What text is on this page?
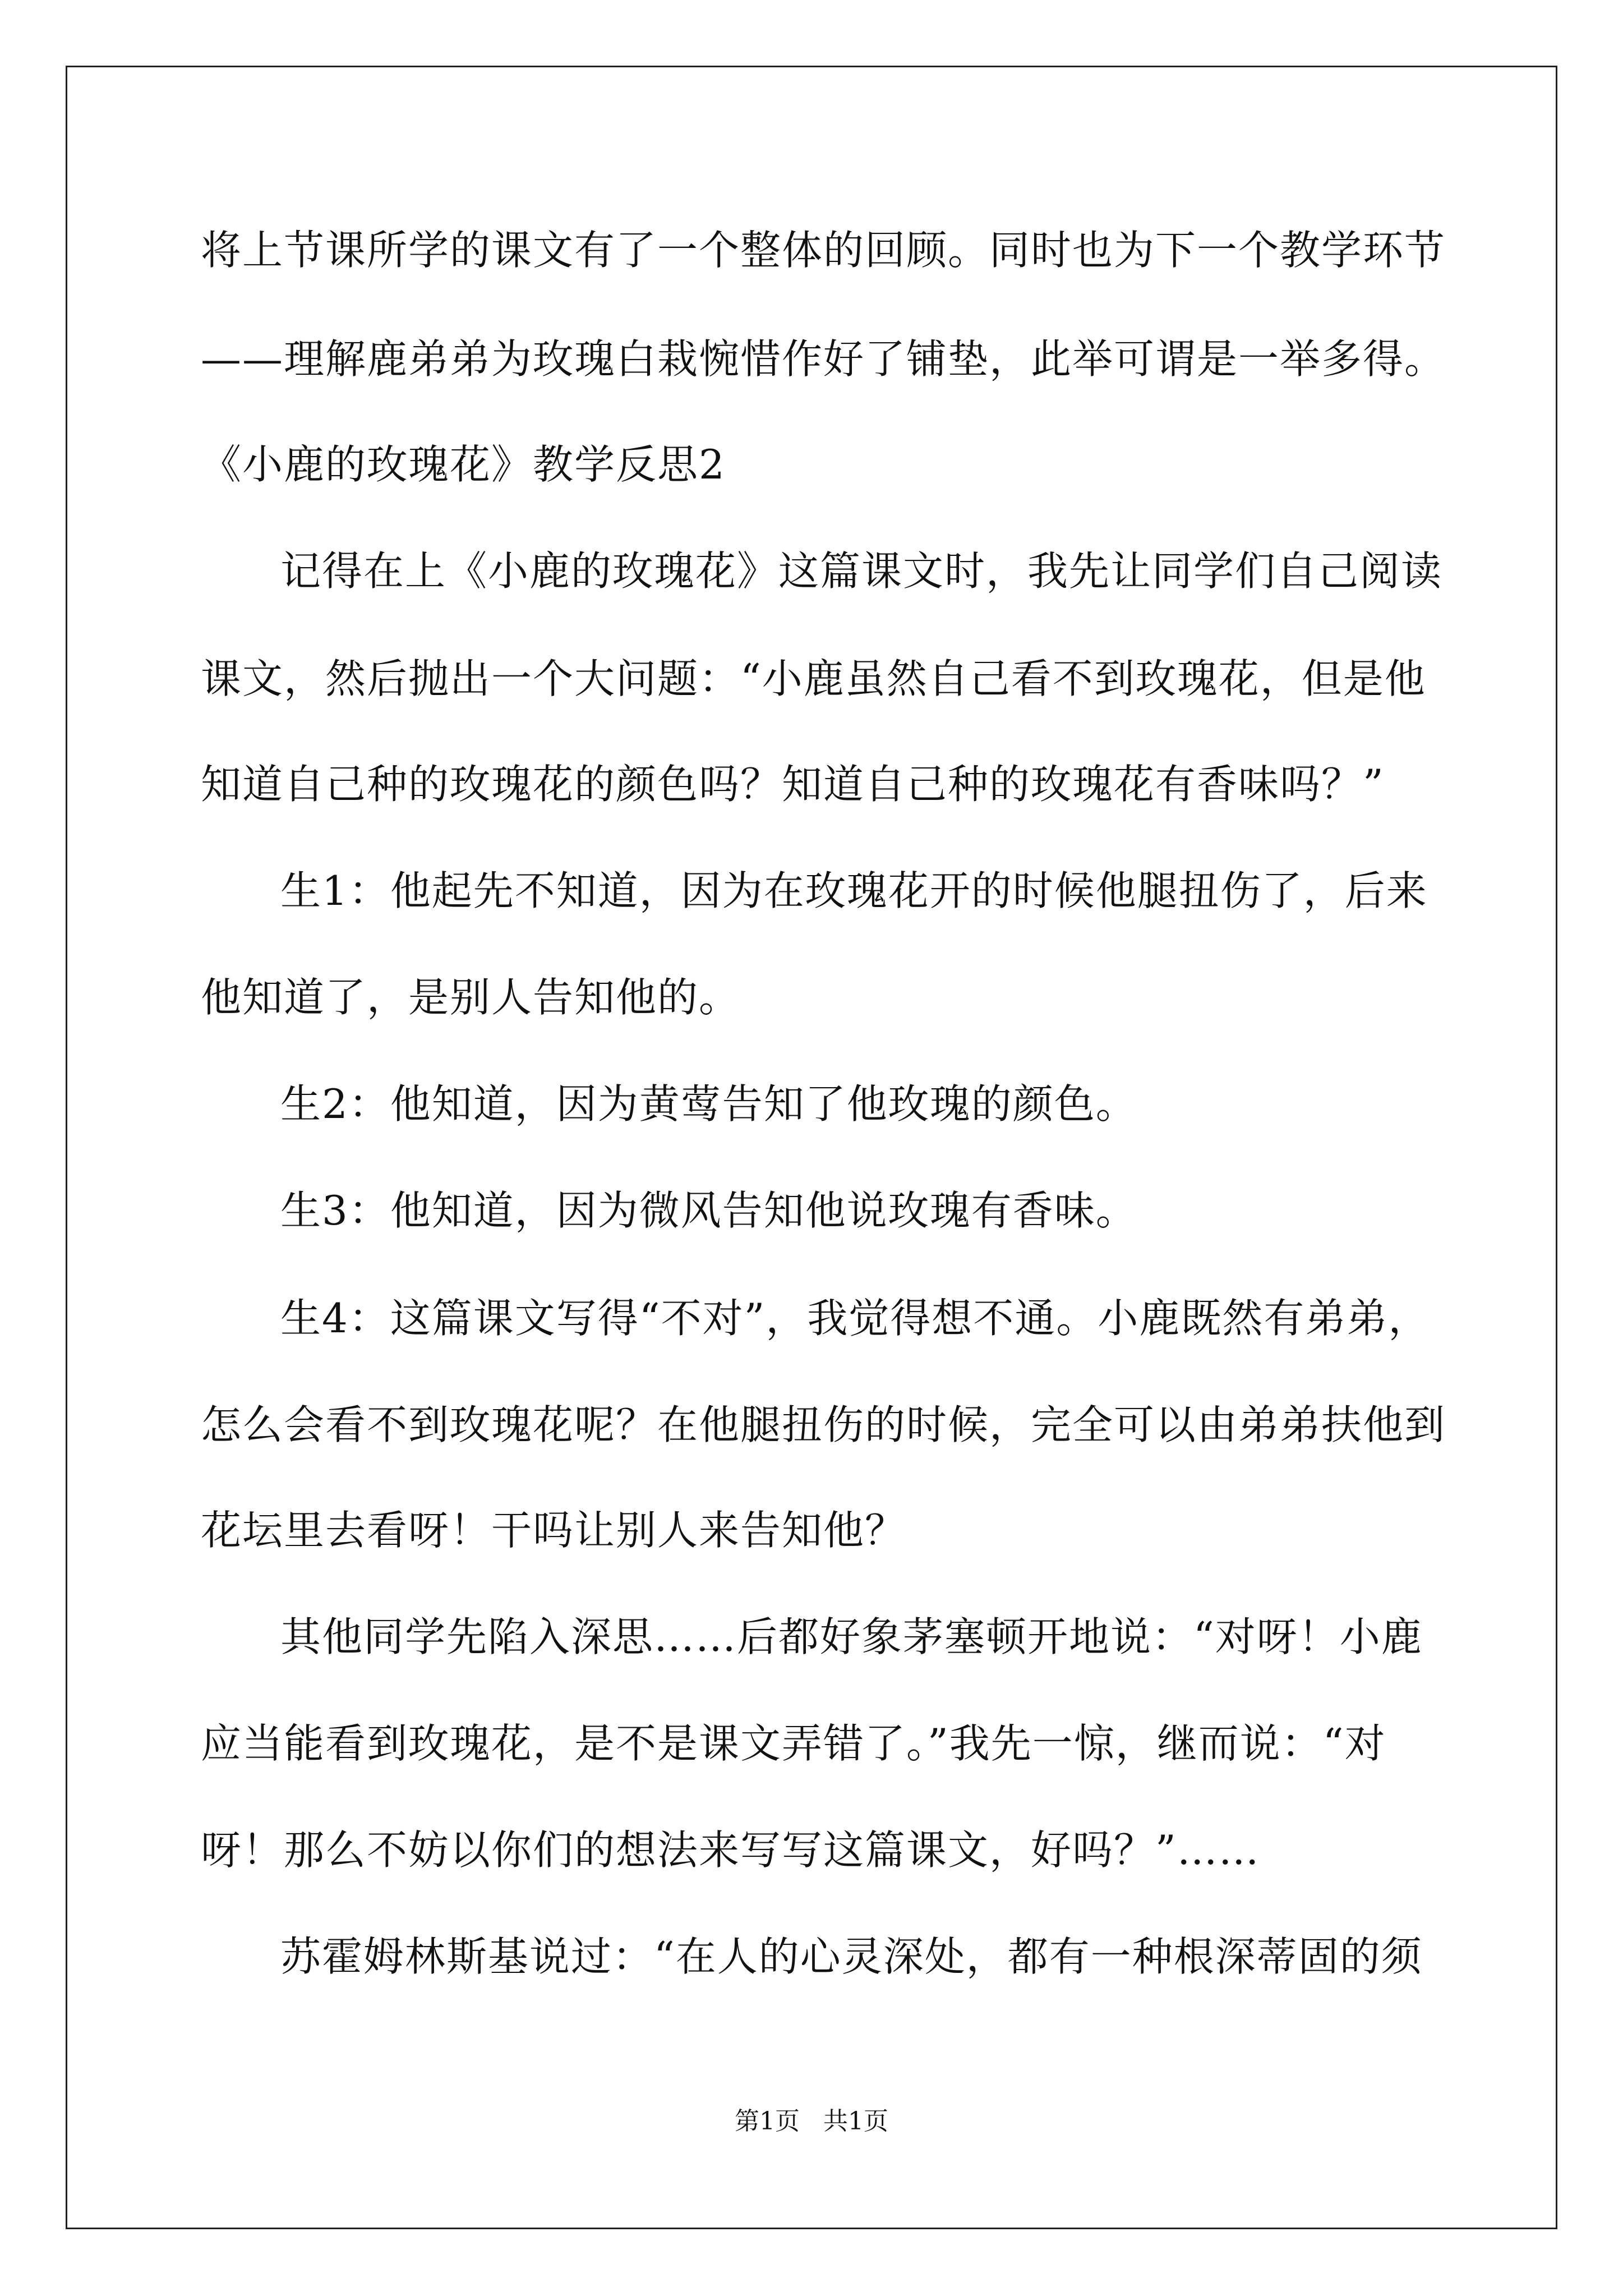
将上节课所学的课文有了一个整体的回顾。同时也为下一个教学环节
——理解鹿弟弟为玫瑰白栽惋惜作好了铺垫，此举可谓是一举多得。
《小鹿的玫瑰花》教学反思2
记得在上《小鹿的玫瑰花》这篇课文时，我先让同学们自己阅读
课文，然后抛出一个大问题：“小鹿虽然自己看不到玫瑰花，但是他
知道自己种的玫瑰花的颜色吗？知道自己种的玫瑰花有香味吗？”
生1：他起先不知道，因为在玫瑰花开的时候他腿扭伤了，后来
他知道了，是别人告知他的。
生2：他知道，因为黄莺告知了他玫瑰的颜色。
生3：他知道，因为微风告知他说玫瑰有香味。
生4：这篇课文写得“不对”，我觉得想不通。小鹿既然有弟弟，
怎么会看不到玫瑰花呢？在他腿扭伤的时候，完全可以由弟弟扶他到
花坛里去看呀！干吗让别人来告知他？
其他同学先陷入深思……后都好象茅塞顿开地说：“对呀！小鹿
应当能看到玫瑰花，是不是课文弄错了。”我先一惊，继而说：“对
呀！那么不妨以你们的想法来写写这篇课文，好吗？”……
苏霍姆林斯基说过：“在人的心灵深处，都有一种根深蒂固的须
第1页   共1页
